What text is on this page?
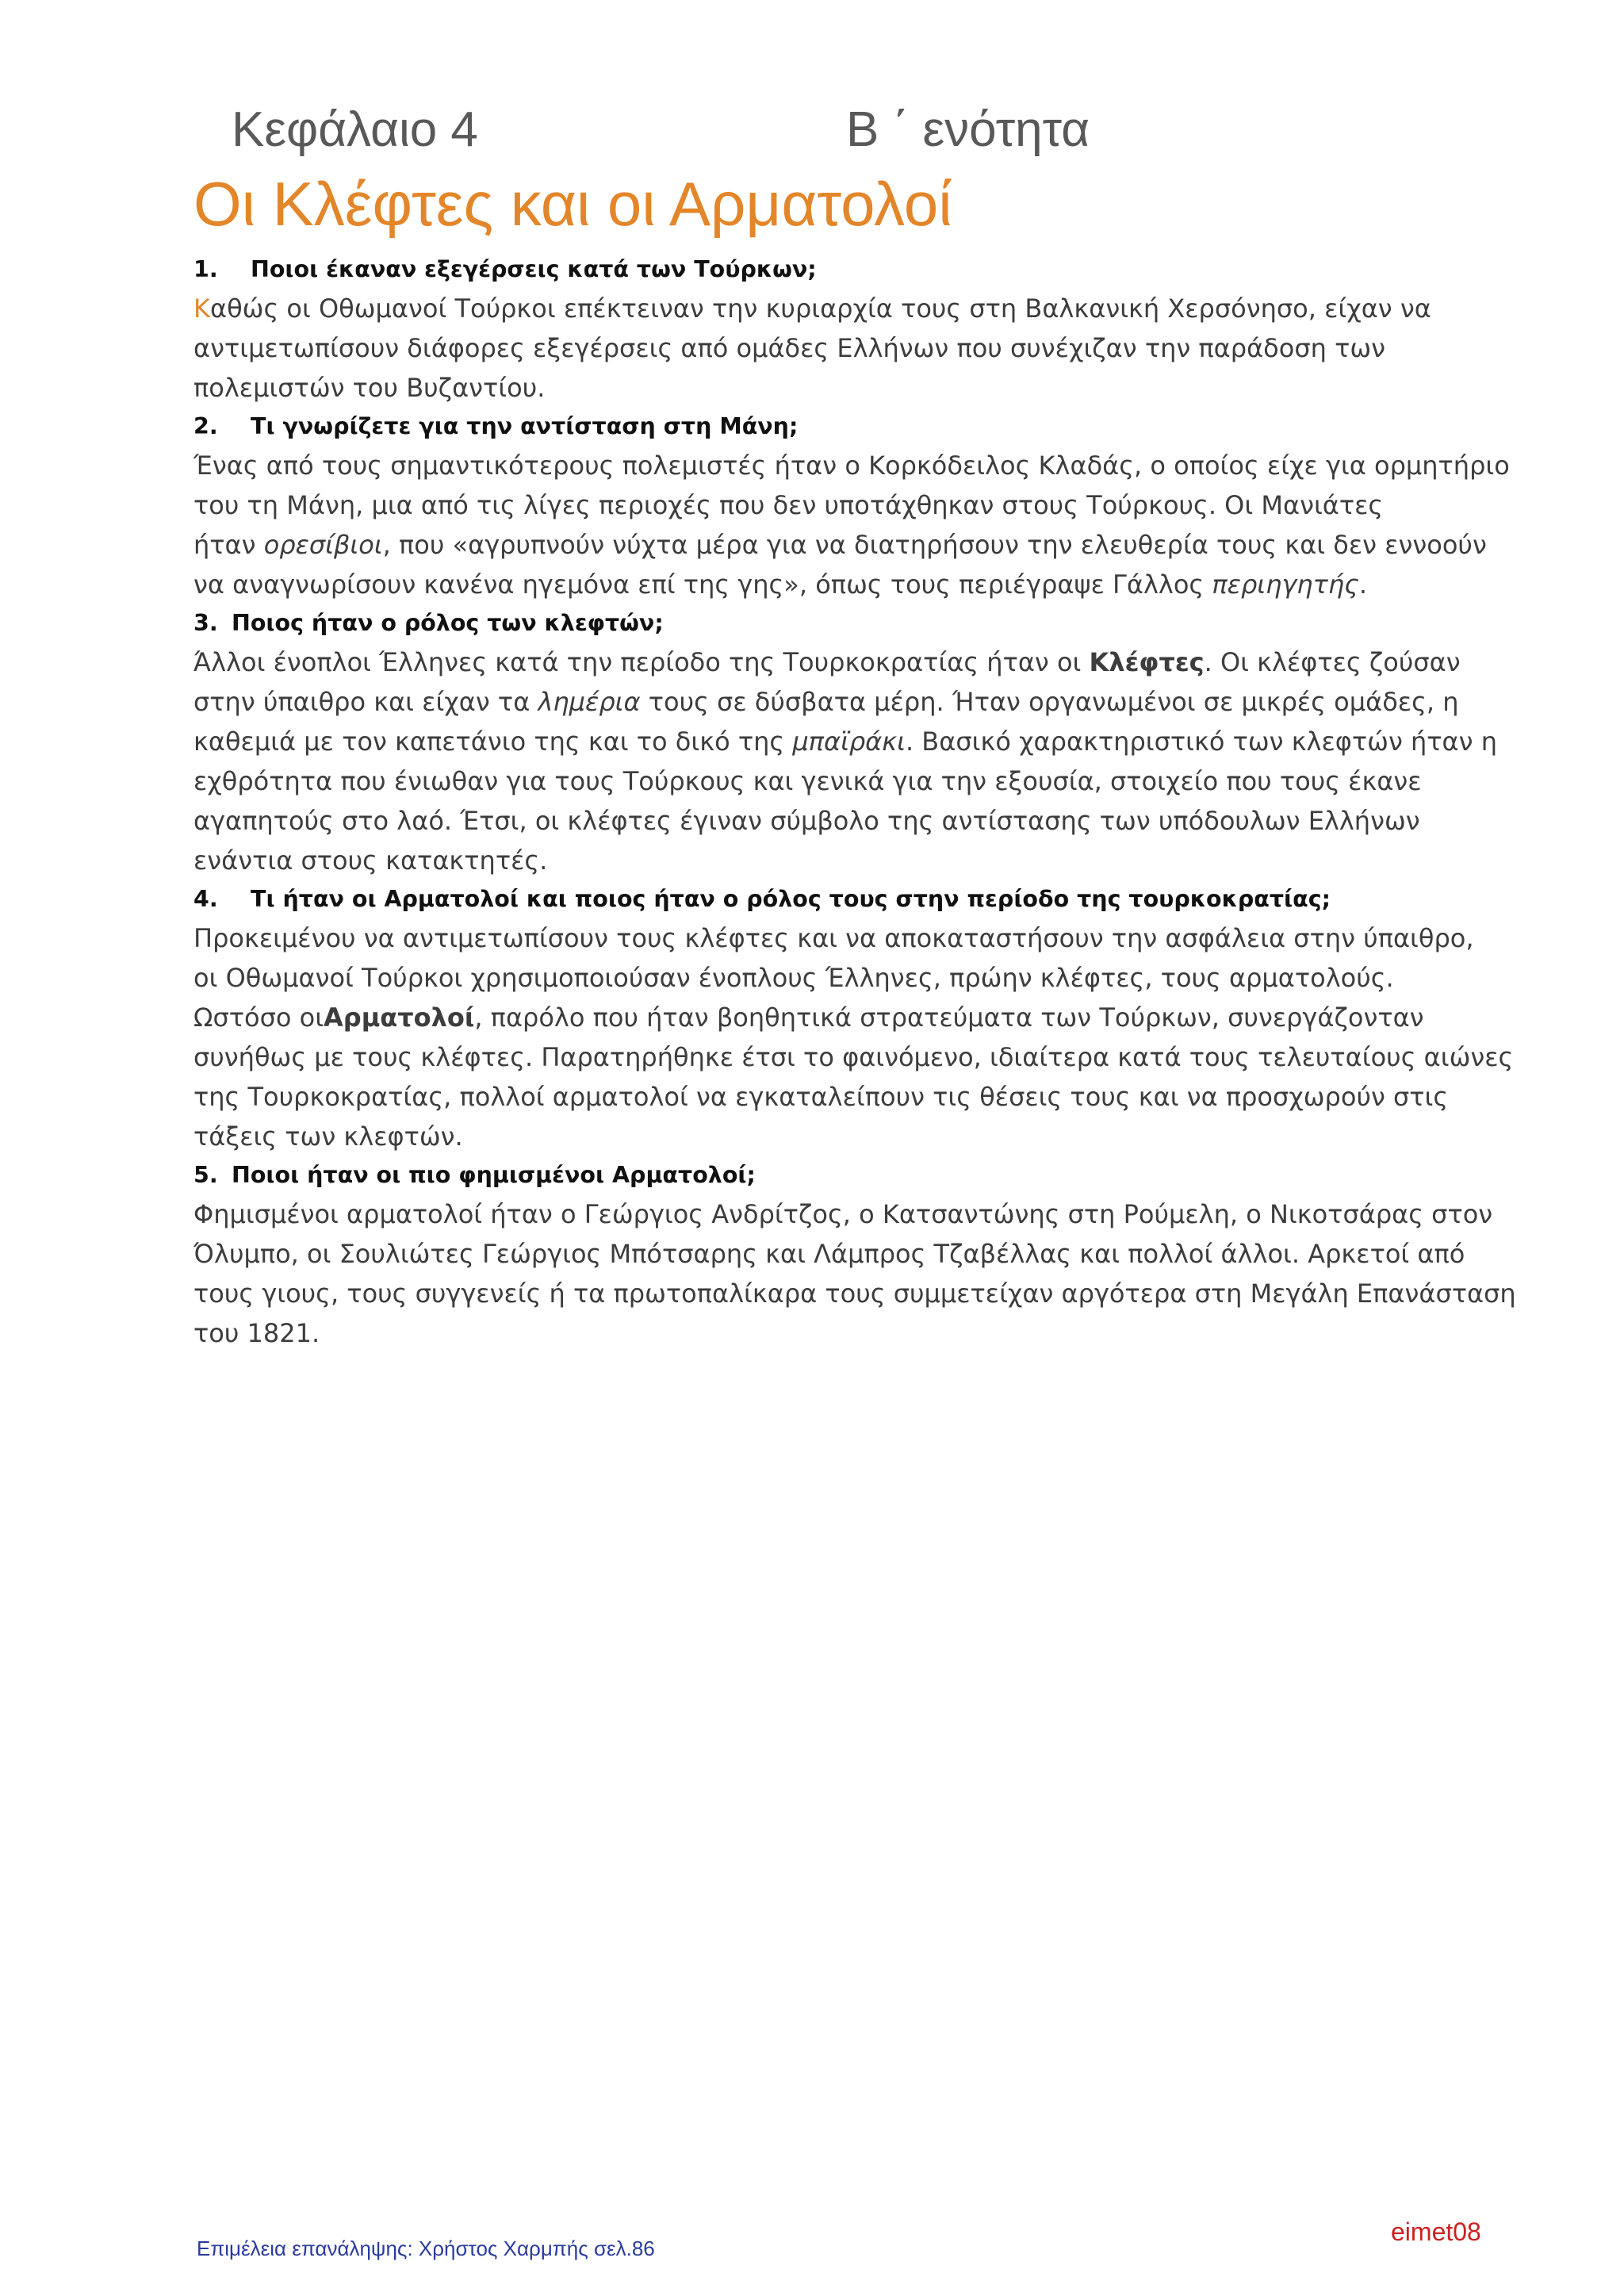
Κεφάλαιο 4	Β ΄ ενότητα
Οι Κλέφτες και οι Αρματολοί
1. Ποιοι έκαναν εξεγέρσεις κατά των Τούρκων;
Καθώς οι Οθωμανοί Τούρκοι επέκτειναν την κυριαρχία τους στη Βαλκανική Χερσόνησο, είχαν να
αντιμετωπίσουν διάφορες εξεγέρσεις από ομάδες Ελλήνων που συνέχιζαν την παράδοση των
πολεμιστών του Βυζαντίου.
2. Τι γνωρίζετε για την αντίσταση στη Μάνη;
Ένας από τους σημαντικότερους πολεμιστές ήταν ο Κορκόδειλος Κλαδάς, ο οποίος είχε για ορμητήριο
του τη Μάνη, μια από τις λίγες περιοχές που δεν υποτάχθηκαν στους Τούρκους. Οι Μανιάτες
ήταν ορεσίβιοι, που «αγρυπνούν νύχτα μέρα για να διατηρήσουν την ελευθερία τους και δεν εννοούν
να αναγνωρίσουν κανένα ηγεμόνα επί της γης», όπως τους περιέγραψε Γάλλος περιηγητής.
3. Ποιος ήταν ο ρόλος των κλεφτών;
Άλλοι ένοπλοι Έλληνες κατά την περίοδο της Τουρκοκρατίας ήταν οι Κλέφτες. Οι κλέφτες ζούσαν
στην ύπαιθρο και είχαν τα λημέρια τους σε δύσβατα μέρη. Ήταν οργανωμένοι σε μικρές ομάδες, η
καθεμιά με τον καπετάνιο της και το δικό της μπαϊράκι. Βασικό χαρακτηριστικό των κλεφτών ήταν η
εχθρότητα που ένιωθαν για τους Τούρκους και γενικά για την εξουσία, στοιχείο που τους έκανε
αγαπητούς στο λαό. Έτσι, οι κλέφτες έγιναν σύμβολο της αντίστασης των υπόδουλων Ελλήνων
ενάντια στους κατακτητές.
4. Τι ήταν οι Αρματολοί και ποιος ήταν ο ρόλος τους στην περίοδο της τουρκοκρατίας;
Προκειμένου να αντιμετωπίσουν τους κλέφτες και να αποκαταστήσουν την ασφάλεια στην ύπαιθρο,
οι Οθωμανοί Τούρκοι χρησιμοποιούσαν ένοπλους Έλληνες, πρώην κλέφτες, τους αρματολούς.
Ωστόσο οιΑρματολοί, παρόλο που ήταν βοηθητικά στρατεύματα των Τούρκων, συνεργάζονταν
συνήθως με τους κλέφτες. Παρατηρήθηκε έτσι το φαινόμενο, ιδιαίτερα κατά τους τελευταίους αιώνες
της Τουρκοκρατίας, πολλοί αρματολοί να εγκαταλείπουν τις θέσεις τους και να προσχωρούν στις
τάξεις των κλεφτών.
5. Ποιοι ήταν οι πιο φημισμένοι Αρματολοί;
Φημισμένοι αρματολοί ήταν ο Γεώργιος Ανδρίτζος, ο Κατσαντώνης στη Ρούμελη, ο Νικοτσάρας στον
Όλυμπο, οι Σουλιώτες Γεώργιος Μπότσαρης και Λάμπρος Τζαβέλλας και πολλοί άλλοι. Αρκετοί από
τους γιους, τους συγγενείς ή τα πρωτοπαλίκαρα τους συμμετείχαν αργότερα στη Μεγάλη Επανάσταση
του 1821.
Επιμέλεια επανάληψης: Χρήστος Χαρμπής σελ.86
eimet08
